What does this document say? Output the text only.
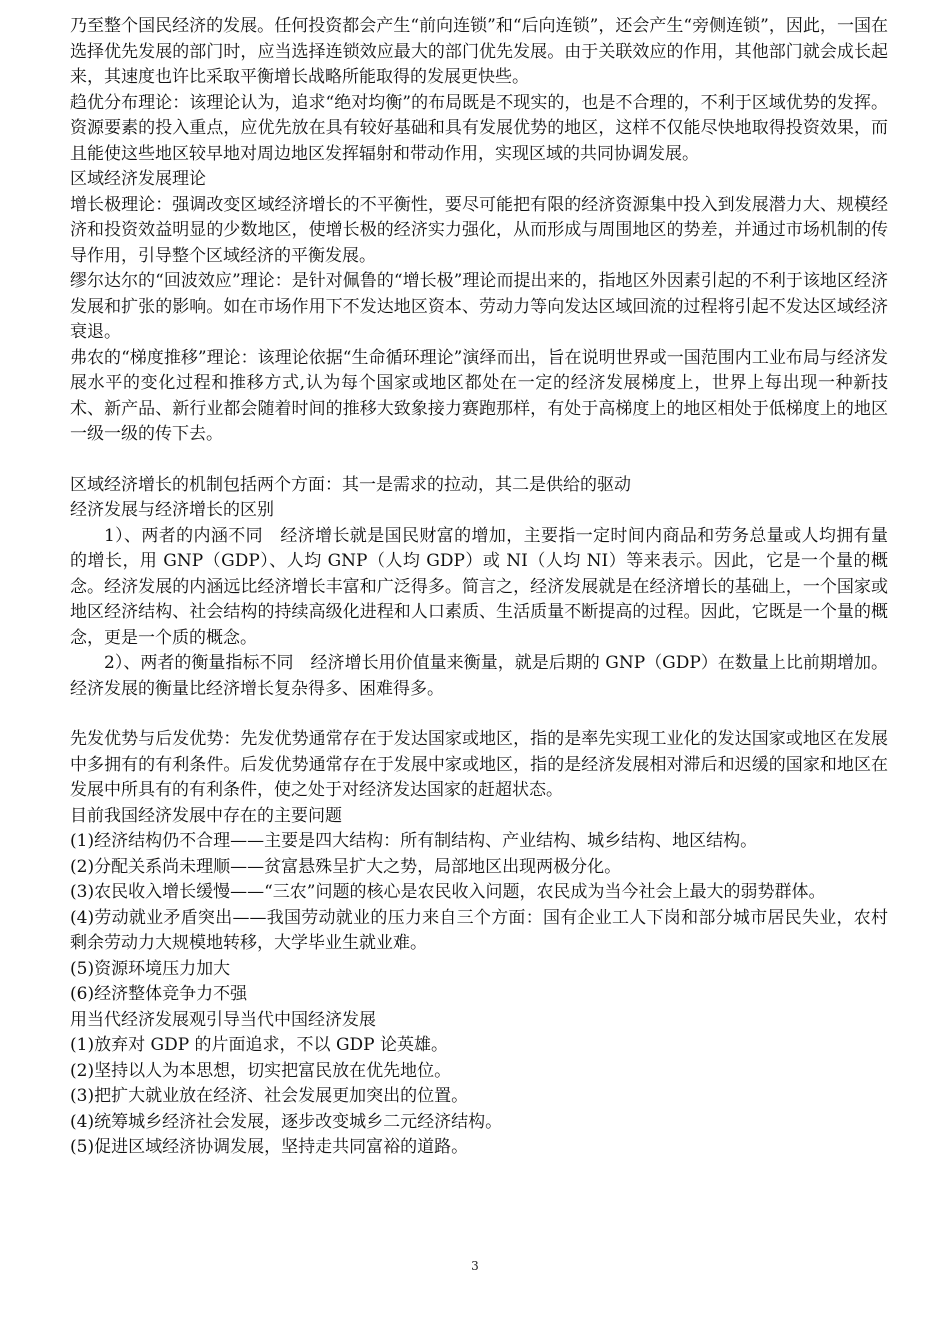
乃至整个国民经济的发展。任何投资都会产生“前向连锁”和“后向连锁”，还会产生“旁侧连锁”，因此，一国在选择优先发展的部门时，应当选择连锁效应最大的部门优先发展。由于关联效应的作用，其他部门就会成长起来，其速度也许比采取平衡增长战略所能取得的发展更快些。

趋优分布理论：该理论认为，追求“绝对均衡”的布局既是不现实的，也是不合理的，不利于区域优势的发挥。资源要素的投入重点，应优先放在具有较好基础和具有发展优势的地区，这样不仅能尽快地取得投资效果，而且能使这些地区较早地对周边地区发挥辐射和带动作用，实现区域的共同协调发展。

区域经济发展理论

增长极理论：强调改变区域经济增长的不平衡性，要尽可能把有限的经济资源集中投入到发展潜力大、规模经济和投资效益明显的少数地区，使增长极的经济实力强化，从而形成与周围地区的势差，并通过市场机制的传导作用，引导整个区域经济的平衡发展。

缪尔达尔的“回波效应”理论：是针对佩鲁的“增长极”理论而提出来的，指地区外因素引起的不利于该地区经济发展和扩张的影响。如在市场作用下不发达地区资本、劳动力等向发达区域回流的过程将引起不发达区域经济衰退。

弗农的“梯度推移”理论：该理论依据“生命循环理论”演绎而出，旨在说明世界或一国范围内工业布局与经济发展水平的变化过程和推移方式,认为每个国家或地区都处在一定的经济发展梯度上，世界上每出现一种新技术、新产品、新行业都会随着时间的推移大致象接力赛跑那样，有处于高梯度上的地区相处于低梯度上的地区一级一级的传下去。

区域经济增长的机制包括两个方面：其一是需求的拉动，其二是供给的驱动

经济发展与经济增长的区别

1）、两者的内涵不同　经济增长就是国民财富的增加，主要指一定时间内商品和劳务总量或人均拥有量的增长，用 GNP（GDP）、人均 GNP（人均 GDP）或 NI（人均 NI）等来表示。因此，它是一个量的概念。经济发展的内涵远比经济增长丰富和广泛得多。简言之，经济发展就是在经济增长的基础上，一个国家或地区经济结构、社会结构的持续高级化进程和人口素质、生活质量不断提高的过程。因此，它既是一个量的概念，更是一个质的概念。

2）、两者的衡量指标不同　经济增长用价值量来衡量，就是后期的 GNP（GDP）在数量上比前期增加。经济发展的衡量比经济增长复杂得多、困难得多。

先发优势与后发优势：先发优势通常存在于发达国家或地区，指的是率先实现工业化的发达国家或地区在发展中多拥有的有利条件。后发优势通常存在于发展中家或地区，指的是经济发展相对滞后和迟缓的国家和地区在发展中所具有的有利条件，使之处于对经济发达国家的赶超状态。

目前我国经济发展中存在的主要问题

(1)经济结构仍不合理——主要是四大结构：所有制结构、产业结构、城乡结构、地区结构。

(2)分配关系尚未理顺——贫富悬殊呈扩大之势，局部地区出现两极分化。

(3)农民收入增长缓慢——“三农”问题的核心是农民收入问题，农民成为当今社会上最大的弱势群体。

(4)劳动就业矛盾突出——我国劳动就业的压力来自三个方面：国有企业工人下岗和部分城市居民失业，农村剩余劳动力大规模地转移，大学毕业生就业难。

(5)资源环境压力加大

(6)经济整体竞争力不强

用当代经济发展观引导当代中国经济发展

(1)放弃对 GDP 的片面追求，不以 GDP 论英雄。

(2)坚持以人为本思想，切实把富民放在优先地位。

(3)把扩大就业放在经济、社会发展更加突出的位置。

(4)统筹城乡经济社会发展，逐步改变城乡二元经济结构。

(5)促进区域经济协调发展，坚持走共同富裕的道路。

3
